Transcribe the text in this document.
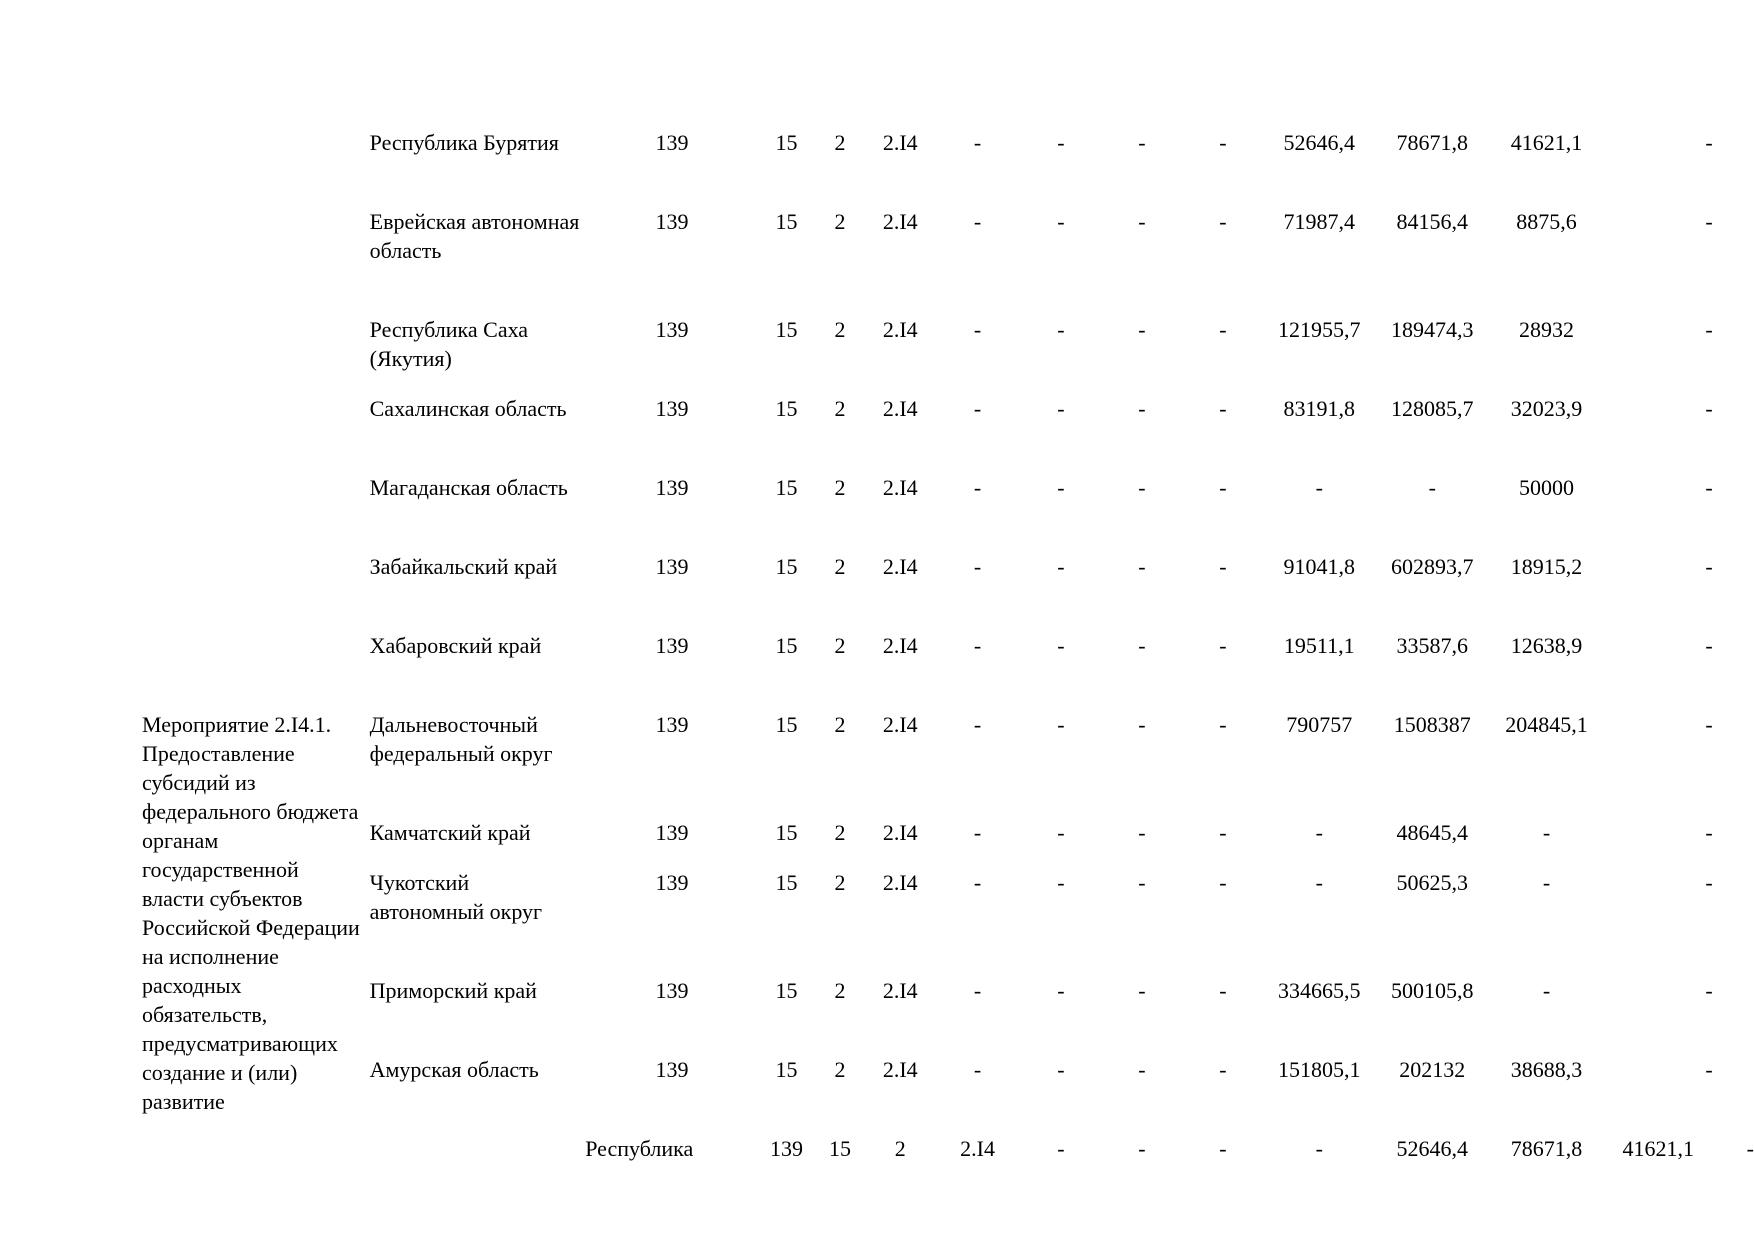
	Республика Бурятия	139	15	2	2.I4	-	-	-	-	52646,4	78671,8	41621,1	-	
	Еврейская автономная область	139	15	2	2.I4	-	-	-	-	71987,4	84156,4	8875,6	-	
	Республика Саха (Якутия)	139	15	2	2.I4	-	-	-	-	121955,7	189474,3	28932	-	
	Сахалинская область	139	15	2	2.I4	-	-	-	-	83191,8	128085,7	32023,9	-	
	Магаданская область	139	15	2	2.I4	-	-	-	-	-	-	50000	-	
	Забайкальский край	139	15	2	2.I4	-	-	-	-	91041,8	602893,7	18915,2	-	
	Хабаровский край	139	15	2	2.I4	-	-	-	-	19511,1	33587,6	12638,9	-	

Мероприятие 2.I4.1. Предоставление субсидий из федерального бюджета органам государственной власти субъектов Российской Федерации на исполнение расходных обязательств, предусматривающих создание и (или) развитие	Дальневосточный федеральный округ	139	15	2	2.I4	-	-	-	-	790757	1508387	204845,1	-	
	Камчатский край	139	15	2	2.I4	-	-	-	-	-	48645,4	-	-	
	Чукотский автономный округ	139	15	2	2.I4	-	-	-	-	-	50625,3	-	-	
	Приморский край	139	15	2	2.I4	-	-	-	-	334665,5	500105,8	-	-	
	Амурская область	139	15	2	2.I4	-	-	-	-	151805,1	202132	38688,3	-	
		Республика	139	15	2	2.I4	-	-	-	-	52646,4	78671,8	41621,1	-
